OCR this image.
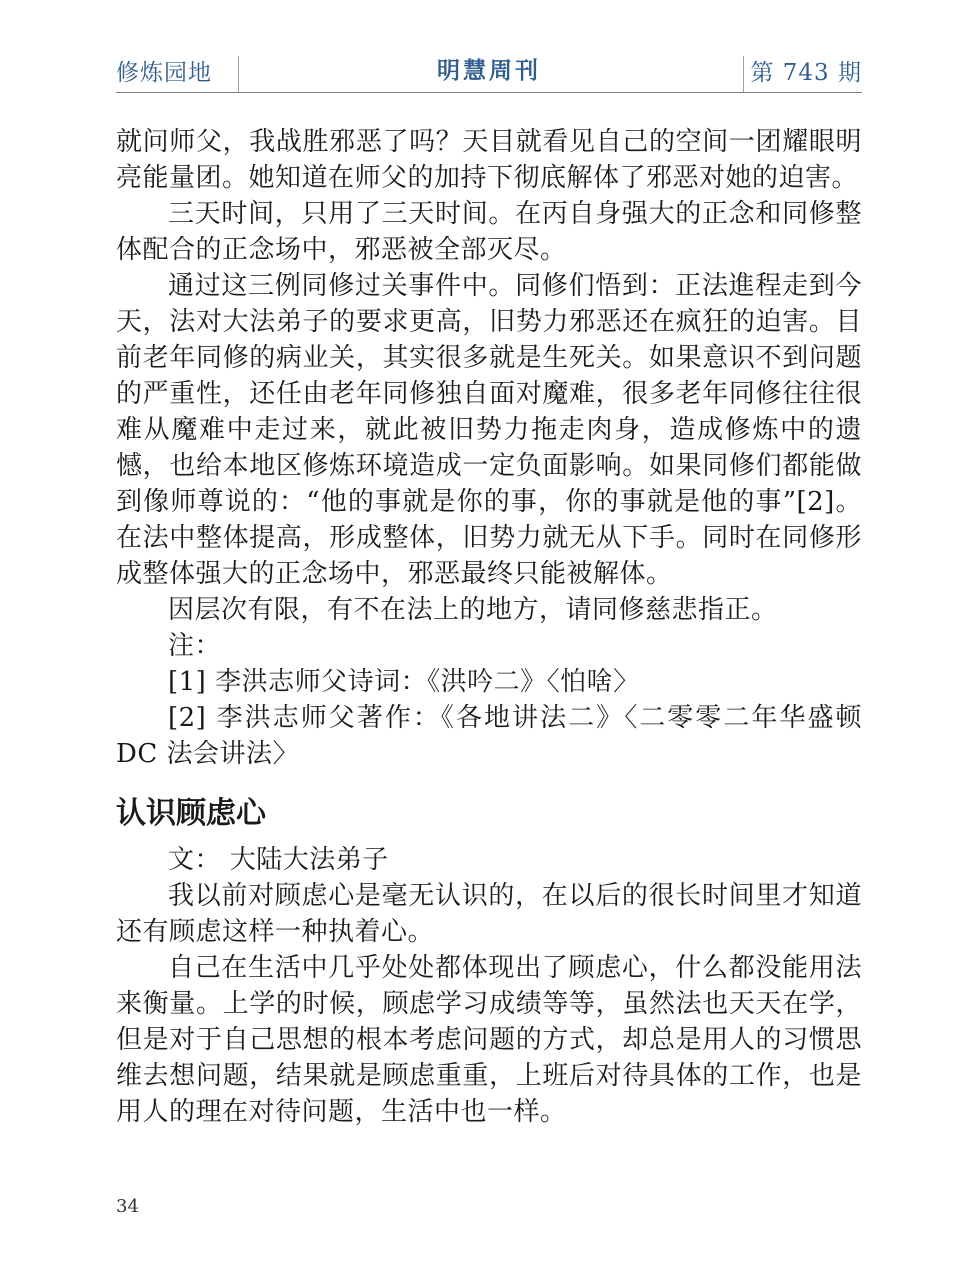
修炼园地	明慧周刊	第 743 期

就问师父，我战胜邪恶了吗？天目就看见自己的空间一团耀眼明亮能量团。她知道在师父的加持下彻底解体了邪恶对她的迫害。

三天时间，只用了三天时间。在丙自身强大的正念和同修整体配合的正念场中，邪恶被全部灭尽。

通过这三例同修过关事件中。同修们悟到：正法進程走到今天，法对大法弟子的要求更高，旧势力邪恶还在疯狂的迫害。目前老年同修的病业关，其实很多就是生死关。如果意识不到问题的严重性，还任由老年同修独自面对魔难，很多老年同修往往很难从魔难中走过来，就此被旧势力拖走肉身，造成修炼中的遗憾，也给本地区修炼环境造成一定负面影响。如果同修们都能做到像师尊说的：“他的事就是你的事，你的事就是他的事”[2]。在法中整体提高，形成整体，旧势力就无从下手。同时在同修形成整体强大的正念场中，邪恶最终只能被解体。

因层次有限，有不在法上的地方，请同修慈悲指正。

注：

[1] 李洪志师父诗词：《洪吟二》〈怕啥〉

[2] 李洪志师父著作：《各地讲法二》〈二零零二年华盛顿 DC 法会讲法〉

认识顾虑心

文： 大陆大法弟子

我以前对顾虑心是毫无认识的，在以后的很长时间里才知道还有顾虑这样一种执着心。

自己在生活中几乎处处都体现出了顾虑心，什么都没能用法来衡量。上学的时候，顾虑学习成绩等等，虽然法也天天在学，但是对于自己思想的根本考虑问题的方式，却总是用人的习惯思维去想问题，结果就是顾虑重重，上班后对待具体的工作，也是用人的理在对待问题，生活中也一样。

34
